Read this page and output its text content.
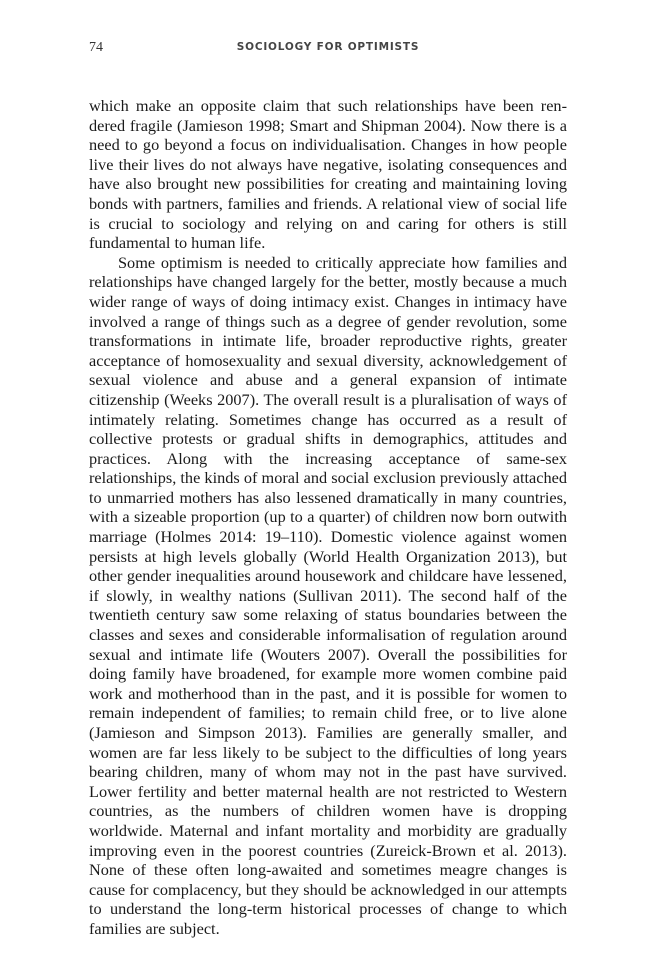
74	SOCIOLOGY FOR OPTIMISTS

which make an opposite claim that such relationships have been rendered fragile (Jamieson 1998; Smart and Shipman 2004). Now there is a need to go beyond a focus on individualisation. Changes in how people live their lives do not always have negative, isolating consequences and have also brought new possibilities for creating and maintaining loving bonds with partners, families and friends. A relational view of social life is crucial to sociology and relying on and caring for others is still fundamental to human life.

Some optimism is needed to critically appreciate how families and relationships have changed largely for the better, mostly because a much wider range of ways of doing intimacy exist. Changes in intimacy have involved a range of things such as a degree of gender revolution, some transformations in intimate life, broader reproductive rights, greater acceptance of homosexuality and sexual diversity, acknowledgement of sexual violence and abuse and a general expansion of intimate citizenship (Weeks 2007). The overall result is a pluralisation of ways of intimately relating. Sometimes change has occurred as a result of collective protests or gradual shifts in demographics, attitudes and practices. Along with the increasing acceptance of same-sex relationships, the kinds of moral and social exclusion previously attached to unmarried mothers has also lessened dramatically in many countries, with a sizeable proportion (up to a quarter) of children now born outwith marriage (Holmes 2014: 19–110). Domestic violence against women persists at high levels globally (World Health Organization 2013), but other gender inequalities around housework and childcare have lessened, if slowly, in wealthy nations (Sullivan 2011). The second half of the twentieth century saw some relaxing of status boundaries between the classes and sexes and considerable informalisation of regulation around sexual and intimate life (Wouters 2007). Overall the possibilities for doing family have broadened, for example more women combine paid work and motherhood than in the past, and it is possible for women to remain independent of families; to remain child free, or to live alone (Jamieson and Simpson 2013). Families are generally smaller, and women are far less likely to be subject to the difficulties of long years bearing children, many of whom may not in the past have survived. Lower fertility and better maternal health are not restricted to Western countries, as the numbers of children women have is dropping worldwide. Maternal and infant mortality and morbidity are gradually improving even in the poorest countries (Zureick-Brown et al. 2013). None of these often long-awaited and sometimes meagre changes is cause for complacency, but they should be acknowledged in our attempts to understand the long-term historical processes of change to which families are subject.
